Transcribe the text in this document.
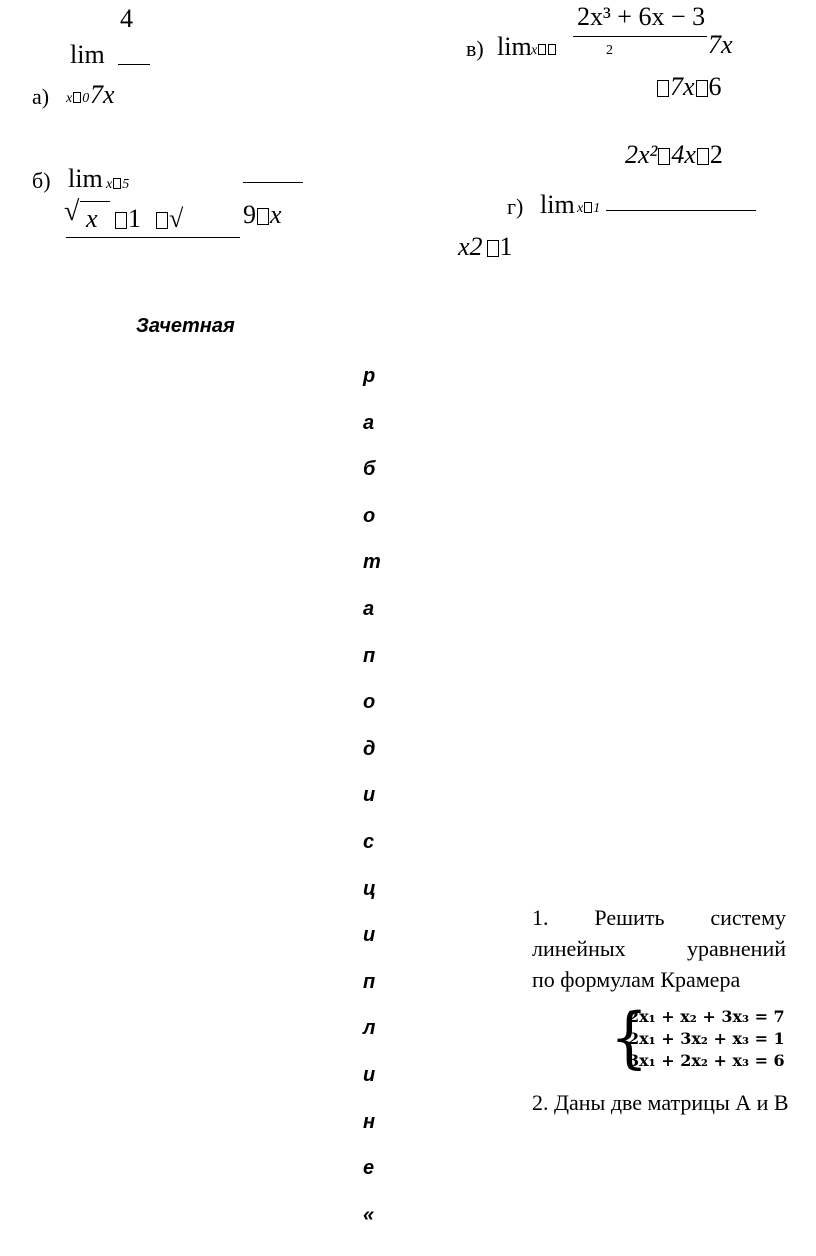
4
lim
а) x 0 7x
б) lim x 5
√ x	1	√ 9 x
2x³ + 6x − 3
в) lim x	2	7x
7x 6
2x² 4x 2
г) lim x 1
x2 1
Зачетная
р
а
б
о
т
а
п
о
д
и
с
ц
и
п
л
и
н
е
«
1. Решить систему
линейных	уравнений
по формулам Крамера
{
2x₁ + x₂ + 3x₃ = 7
2x₁ + 3x₂ + x₃ = 1
3x₁ + 2x₂ + x₃ = 6
2. Даны две матрицы А и В
